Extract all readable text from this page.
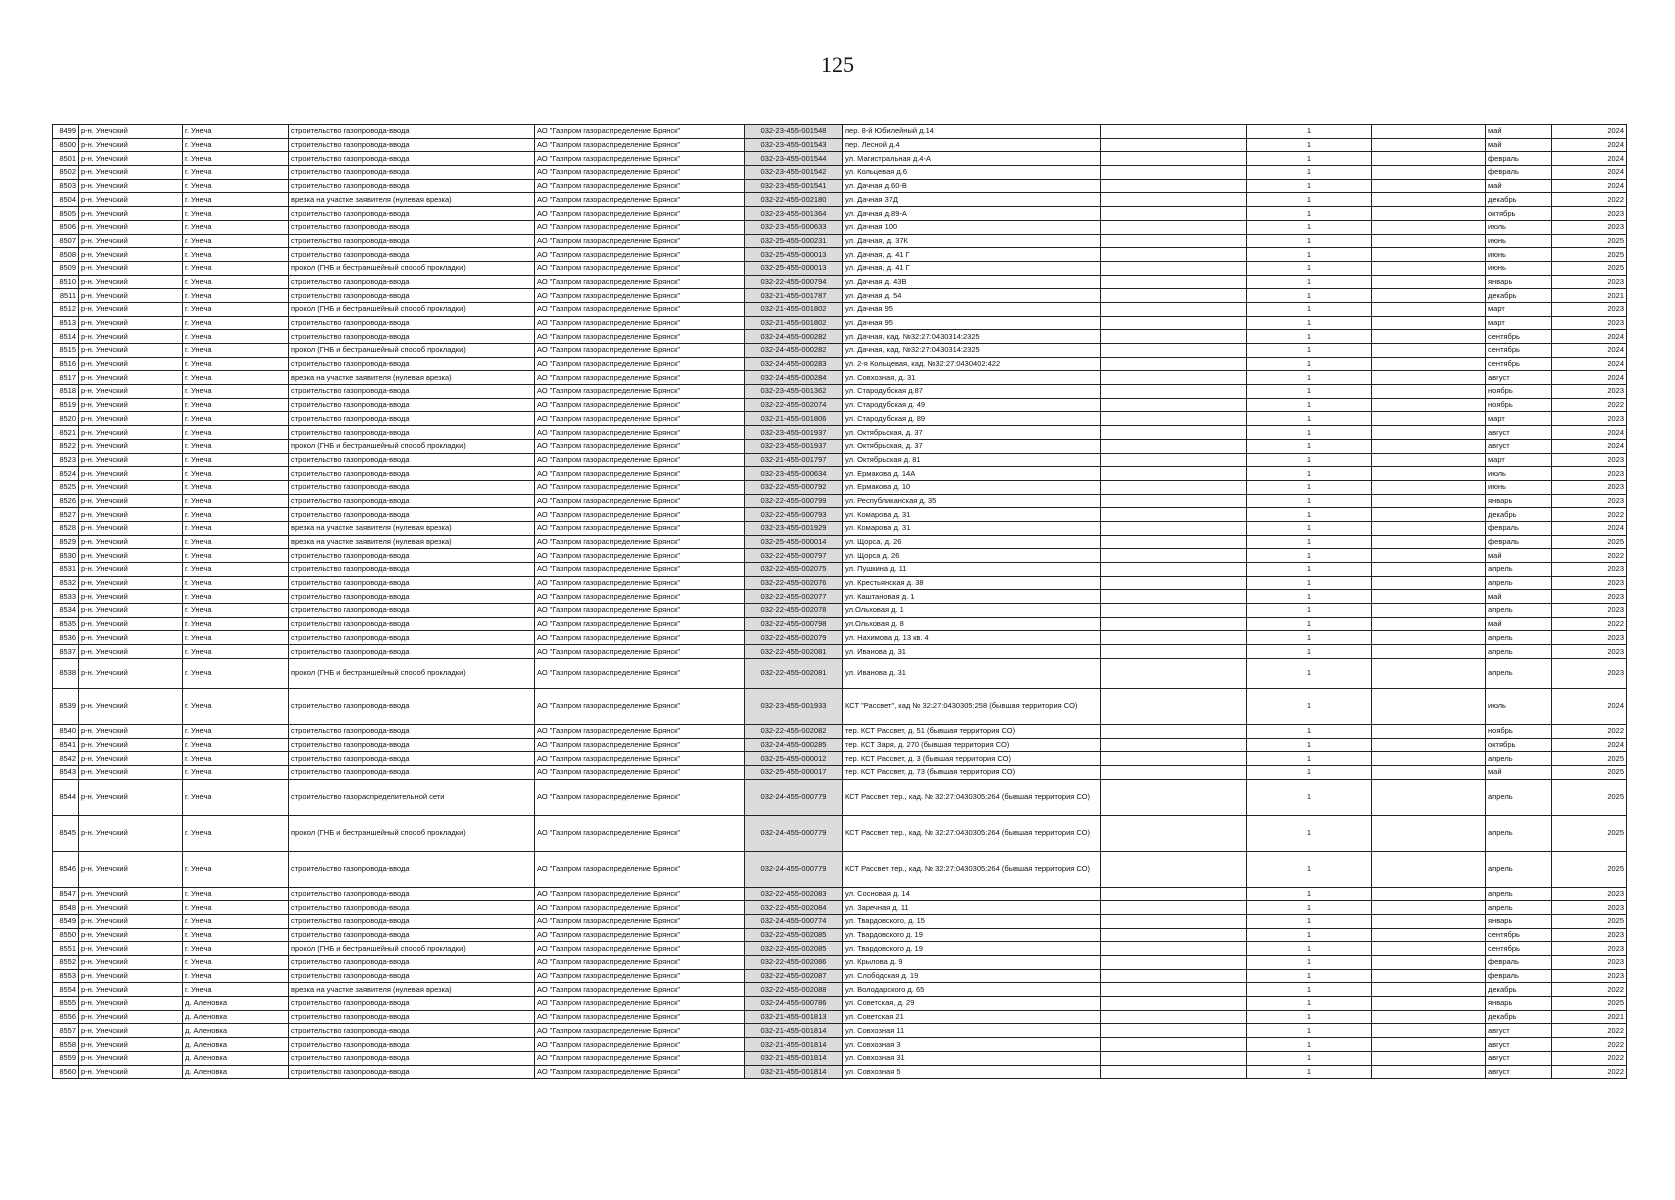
125
8499	р-н. Унечский	г. Унеча	строительство газопровода-ввода	АО "Газпром газораспределение Брянск"	032-23-455-001548	пер. 8-й Юбилейный д.14		1		май	2024
8500	р-н. Унечский	г. Унеча	строительство газопровода-ввода	АО "Газпром газораспределение Брянск"	032-23-455-001543	пер. Лесной д.4		1		май	2024
8501	р-н. Унечский	г. Унеча	строительство газопровода-ввода	АО "Газпром газораспределение Брянск"	032-23-455-001544	ул. Магистральная д.4-А		1		февраль	2024
8502	р-н. Унечский	г. Унеча	строительство газопровода-ввода	АО "Газпром газораспределение Брянск"	032-23-455-001542	ул. Кольцевая д.6		1		февраль	2024
8503	р-н. Унечский	г. Унеча	строительство газопровода-ввода	АО "Газпром газораспределение Брянск"	032-23-455-001541	ул. Дачная д.60-В		1		май	2024
8504	р-н. Унечский	г. Унеча	врезка на участке заявителя (нулевая врезка)	АО "Газпром газораспределение Брянск"	032-22-455-002180	ул. Дачная 37Д		1		декабрь	2022
8505	р-н. Унечский	г. Унеча	строительство газопровода-ввода	АО "Газпром газораспределение Брянск"	032-23-455-001364	ул. Дачная д.89-А		1		октябрь	2023
8506	р-н. Унечский	г. Унеча	строительство газопровода-ввода	АО "Газпром газораспределение Брянск"	032-23-455-000633	ул. Дачная 100		1		июль	2023
8507	р-н. Унечский	г. Унеча	строительство газопровода-ввода	АО "Газпром газораспределение Брянск"	032-25-455-000231	ул. Дачная, д. 37К		1		июнь	2025
8508	р-н. Унечский	г. Унеча	строительство газопровода-ввода	АО "Газпром газораспределение Брянск"	032-25-455-000013	ул. Дачная, д. 41 Г		1		июнь	2025
8509	р-н. Унечский	г. Унеча	прокол (ГНБ и бестраншейный способ прокладки)	АО "Газпром газораспределение Брянск"	032-25-455-000013	ул. Дачная, д. 41 Г		1		июнь	2025
8510	р-н. Унечский	г. Унеча	строительство газопровода-ввода	АО "Газпром газораспределение Брянск"	032-22-455-000794	ул. Дачная д. 43В		1		январь	2023
8511	р-н. Унечский	г. Унеча	строительство газопровода-ввода	АО "Газпром газораспределение Брянск"	032-21-455-001787	ул. Дачная д. 54		1		декабрь	2021
8512	р-н. Унечский	г. Унеча	прокол (ГНБ и бестраншейный способ прокладки)	АО "Газпром газораспределение Брянск"	032-21-455-001802	ул. Дачная 95		1		март	2023
8513	р-н. Унечский	г. Унеча	строительство газопровода-ввода	АО "Газпром газораспределение Брянск"	032-21-455-001802	ул. Дачная 95		1		март	2023
8514	р-н. Унечский	г. Унеча	строительство газопровода-ввода	АО "Газпром газораспределение Брянск"	032-24-455-000282	ул. Дачная, кад. №32:27:0430314:2325		1		сентябрь	2024
8515	р-н. Унечский	г. Унеча	прокол (ГНБ и бестраншейный способ прокладки)	АО "Газпром газораспределение Брянск"	032-24-455-000282	ул. Дачная, кад. №32:27:0430314:2325		1		сентябрь	2024
8516	р-н. Унечский	г. Унеча	строительство газопровода-ввода	АО "Газпром газораспределение Брянск"	032-24-455-000283	ул. 2-я Кольцевая, кад. №32:27:0430402:422		1		сентябрь	2024
8517	р-н. Унечский	г. Унеча	врезка на участке заявителя (нулевая врезка)	АО "Газпром газораспределение Брянск"	032-24-455-000284	ул. Совхозная, д. 31		1		август	2024
8518	р-н. Унечский	г. Унеча	строительство газопровода-ввода	АО "Газпром газораспределение Брянск"	032-23-455-001362	ул. Стародубская д.87		1		ноябрь	2023
8519	р-н. Унечский	г. Унеча	строительство газопровода-ввода	АО "Газпром газораспределение Брянск"	032-22-455-002074	ул. Стародубская д. 49		1		ноябрь	2022
8520	р-н. Унечский	г. Унеча	строительство газопровода-ввода	АО "Газпром газораспределение Брянск"	032-21-455-001806	ул. Стародубская д. 89		1		март	2023
8521	р-н. Унечский	г. Унеча	строительство газопровода-ввода	АО "Газпром газораспределение Брянск"	032-23-455-001937	ул. Октябрьская, д. 37		1		август	2024
8522	р-н. Унечский	г. Унеча	прокол (ГНБ и бестраншейный способ прокладки)	АО "Газпром газораспределение Брянск"	032-23-455-001937	ул. Октябрьская, д. 37		1		август	2024
8523	р-н. Унечский	г. Унеча	строительство газопровода-ввода	АО "Газпром газораспределение Брянск"	032-21-455-001797	ул. Октябрьская д. 81		1		март	2023
8524	р-н. Унечский	г. Унеча	строительство газопровода-ввода	АО "Газпром газораспределение Брянск"	032-23-455-000634	ул. Ермакова д. 14А		1		июль	2023
8525	р-н. Унечский	г. Унеча	строительство газопровода-ввода	АО "Газпром газораспределение Брянск"	032-22-455-000792	ул. Ермакова д. 10		1		июнь	2023
8526	р-н. Унечский	г. Унеча	строительство газопровода-ввода	АО "Газпром газораспределение Брянск"	032-22-455-000799	ул. Республиканская д. 35		1		январь	2023
8527	р-н. Унечский	г. Унеча	строительство газопровода-ввода	АО "Газпром газораспределение Брянск"	032-22-455-000793	ул. Комарова д. 31		1		декабрь	2022
8528	р-н. Унечский	г. Унеча	врезка на участке заявителя (нулевая врезка)	АО "Газпром газораспределение Брянск"	032-23-455-001929	ул. Комарова д. 31		1		февраль	2024
8529	р-н. Унечский	г. Унеча	врезка на участке заявителя (нулевая врезка)	АО "Газпром газораспределение Брянск"	032-25-455-000014	ул. Щорса, д. 26		1		февраль	2025
8530	р-н. Унечский	г. Унеча	строительство газопровода-ввода	АО "Газпром газораспределение Брянск"	032-22-455-000797	ул. Щорса д. 26		1		май	2022
8531	р-н. Унечский	г. Унеча	строительство газопровода-ввода	АО "Газпром газораспределение Брянск"	032-22-455-002075	ул. Пушкина д. 11		1		апрель	2023
8532	р-н. Унечский	г. Унеча	строительство газопровода-ввода	АО "Газпром газораспределение Брянск"	032-22-455-002076	ул. Крестьянская д. 38		1		апрель	2023
8533	р-н. Унечский	г. Унеча	строительство газопровода-ввода	АО "Газпром газораспределение Брянск"	032-22-455-002077	ул. Каштановая д. 1		1		май	2023
8534	р-н. Унечский	г. Унеча	строительство газопровода-ввода	АО "Газпром газораспределение Брянск"	032-22-455-002078	ул.Ольховая д. 1		1		апрель	2023
8535	р-н. Унечский	г. Унеча	строительство газопровода-ввода	АО "Газпром газораспределение Брянск"	032-22-455-000798	ул.Ольховая д. 8		1		май	2022
8536	р-н. Унечский	г. Унеча	строительство газопровода-ввода	АО "Газпром газораспределение Брянск"	032-22-455-002079	ул. Нахимова д. 13 кв. 4		1		апрель	2023
8537	р-н. Унечский	г. Унеча	строительство газопровода-ввода	АО "Газпром газораспределение Брянск"	032-22-455-002081	ул. Иванова д. 31		1		апрель	2023
8538	р-н. Унечский	г. Унеча	прокол (ГНБ и бестраншейный способ прокладки)	АО "Газпром газораспределение Брянск"	032-22-455-002081	ул. Иванова д. 31		1		апрель	2023
8539	р-н. Унечский	г. Унеча	строительство газопровода-ввода	АО "Газпром газораспределение Брянск"	032-23-455-001933	КСТ "Рассвет", кад № 32:27:0430305:258 (бывшая территория СО)		1		июль	2024
8540	р-н. Унечский	г. Унеча	строительство газопровода-ввода	АО "Газпром газораспределение Брянск"	032-22-455-002082	тер. КСТ Рассвет, д. 51 (бывшая территория СО)		1		ноябрь	2022
8541	р-н. Унечский	г. Унеча	строительство газопровода-ввода	АО "Газпром газораспределение Брянск"	032-24-455-000285	тер. КСТ Заря, д. 270 (бывшая территория СО)		1		октябрь	2024
8542	р-н. Унечский	г. Унеча	строительство газопровода-ввода	АО "Газпром газораспределение Брянск"	032-25-455-000012	тер. КСТ Рассвет, д. 3 (бывшая территория СО)		1		апрель	2025
8543	р-н. Унечский	г. Унеча	строительство газопровода-ввода	АО "Газпром газораспределение Брянск"	032-25-455-000017	тер. КСТ Рассвет, д. 73 (бывшая территория СО)		1		май	2025
8544	р-н. Унечский	г. Унеча	строительство газораспределительной сети	АО "Газпром газораспределение Брянск"	032-24-455-000779	КСТ Рассвет тер., кад. № 32:27:0430305:264 (бывшая территория СО)		1		апрель	2025
8545	р-н. Унечский	г. Унеча	прокол (ГНБ и бестраншейный способ прокладки)	АО "Газпром газораспределение Брянск"	032-24-455-000779	КСТ Рассвет тер., кад. № 32:27:0430305:264 (бывшая территория СО)		1		апрель	2025
8546	р-н. Унечский	г. Унеча	строительство газопровода-ввода	АО "Газпром газораспределение Брянск"	032-24-455-000779	КСТ Рассвет тер., кад. № 32:27:0430305:264 (бывшая территория СО)		1		апрель	2025
8547	р-н. Унечский	г. Унеча	строительство газопровода-ввода	АО "Газпром газораспределение Брянск"	032-22-455-002083	ул. Сосновая д. 14		1		апрель	2023
8548	р-н. Унечский	г. Унеча	строительство газопровода-ввода	АО "Газпром газораспределение Брянск"	032-22-455-002084	ул. Заречная д. 11		1		апрель	2023
8549	р-н. Унечский	г. Унеча	строительство газопровода-ввода	АО "Газпром газораспределение Брянск"	032-24-455-000774	ул. Твардовского, д. 15		1		январь	2025
8550	р-н. Унечский	г. Унеча	строительство газопровода-ввода	АО "Газпром газораспределение Брянск"	032-22-455-002085	ул. Твардовского д. 19		1		сентябрь	2023
8551	р-н. Унечский	г. Унеча	прокол (ГНБ и бестраншейный способ прокладки)	АО "Газпром газораспределение Брянск"	032-22-455-002085	ул. Твардовского д. 19		1		сентябрь	2023
8552	р-н. Унечский	г. Унеча	строительство газопровода-ввода	АО "Газпром газораспределение Брянск"	032-22-455-002086	ул. Крылова д. 9		1		февраль	2023
8553	р-н. Унечский	г. Унеча	строительство газопровода-ввода	АО "Газпром газораспределение Брянск"	032-22-455-002087	ул. Слободская д. 19		1		февраль	2023
8554	р-н. Унечский	г. Унеча	врезка на участке заявителя (нулевая врезка)	АО "Газпром газораспределение Брянск"	032-22-455-002088	ул. Володарского д. 65		1		декабрь	2022
8555	р-н. Унечский	д. Аленовка	строительство газопровода-ввода	АО "Газпром газораспределение Брянск"	032-24-455-000786	ул. Советская, д. 29		1		январь	2025
8556	р-н. Унечский	д. Аленовка	строительство газопровода-ввода	АО "Газпром газораспределение Брянск"	032-21-455-001813	ул. Советская 21		1		декабрь	2021
8557	р-н. Унечский	д. Аленовка	строительство газопровода-ввода	АО "Газпром газораспределение Брянск"	032-21-455-001814	ул. Совхозная 11		1		август	2022
8558	р-н. Унечский	д. Аленовка	строительство газопровода-ввода	АО "Газпром газораспределение Брянск"	032-21-455-001814	ул. Совхозная 3		1		август	2022
8559	р-н. Унечский	д. Аленовка	строительство газопровода-ввода	АО "Газпром газораспределение Брянск"	032-21-455-001814	ул. Совхозная 31		1		август	2022
8560	р-н. Унечский	д. Аленовка	строительство газопровода-ввода	АО "Газпром газораспределение Брянск"	032-21-455-001814	ул. Совхозная 5		1		август	2022
